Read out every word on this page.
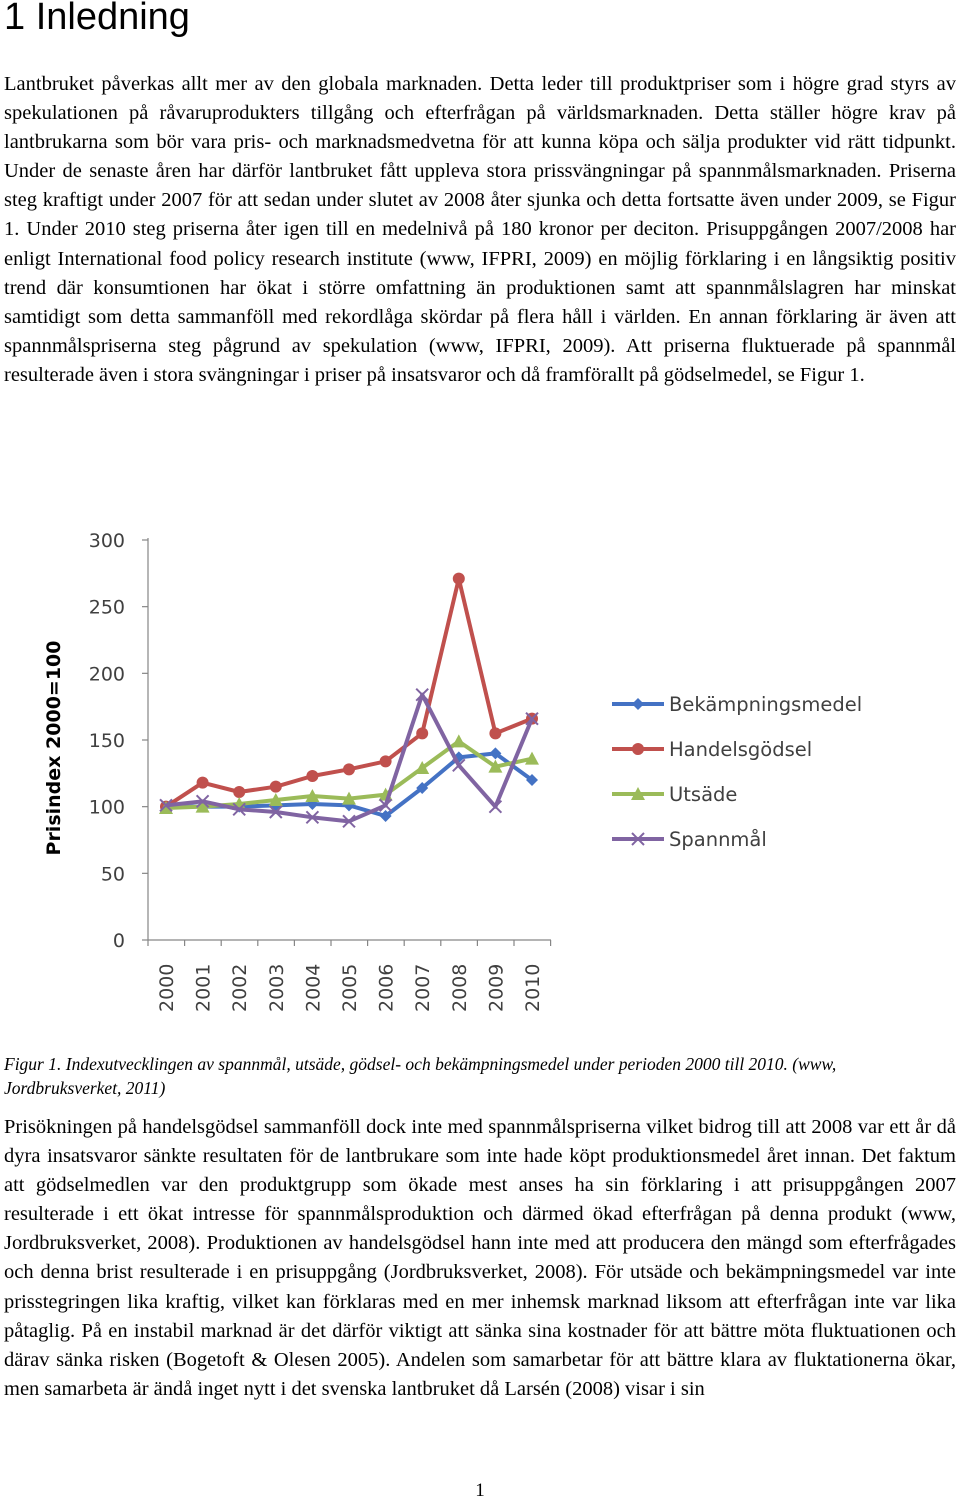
1 Inledning

Lantbruket påverkas allt mer av den globala marknaden. Detta leder till produktpriser som i högre grad styrs av spekulationen på råvaruprodukters tillgång och efterfrågan på världsmarknaden. Detta ställer högre krav på lantbrukarna som bör vara pris- och marknadsmedvetna för att kunna köpa och sälja produkter vid rätt tidpunkt. Under de senaste åren har därför lantbruket fått uppleva stora prissvängningar på spannmålsmarknaden. Priserna steg kraftigt under 2007 för att sedan under slutet av 2008 åter sjunka och detta fortsatte även under 2009, se Figur 1. Under 2010 steg priserna åter igen till en medelnivå på 180 kronor per deciton. Prisuppgången 2007/2008 har enligt International food policy research institute (www, IFPRI, 2009) en möjlig förklaring i en långsiktig positiv trend där konsumtionen har ökat i större omfattning än produktionen samt att spannmålslagren har minskat samtidigt som detta sammanföll med rekordlåga skördar på flera håll i världen. En annan förklaring är även att spannmålspriserna steg pågrund av spekulation (www, IFPRI, 2009). Att priserna fluktuerade på spannmål resulterade även i stora svängningar i priser på insatsvaror och då framförallt på gödselmedel, se Figur 1.

0
50
100
150
200
250
300
2000 2001 2002 2003 2004 2005 2006 2007 2008 2009 2010
Prisindex 2000=100	Bekämpningsmedel
Handelsgödsel
Utsäde
Spannmål

Figur 1. Indexutvecklingen av spannmål, utsäde, gödsel- och bekämpningsmedel under perioden 2000 till 2010. (www, Jordbruksverket, 2011)

Prisökningen på handelsgödsel sammanföll dock inte med spannmålspriserna vilket bidrog till att 2008 var ett år då dyra insatsvaror sänkte resultaten för de lantbrukare som inte hade köpt produktionsmedel året innan. Det faktum att gödselmedlen var den produktgrupp som ökade mest anses ha sin förklaring i att prisuppgången 2007 resulterade i ett ökat intresse för spannmålsproduktion och därmed ökad efterfrågan på denna produkt (www, Jordbruksverket, 2008). Produktionen av handelsgödsel hann inte med att producera den mängd som efterfrågades och denna brist resulterade i en prisuppgång (Jordbruksverket, 2008). För utsäde och bekämpningsmedel var inte prisstegringen lika kraftig, vilket kan förklaras med en mer inhemsk marknad liksom att efterfrågan inte var lika påtaglig. På en instabil marknad är det därför viktigt att sänka sina kostnader för att bättre möta fluktuationen och därav sänka risken (Bogetoft & Olesen 2005). Andelen som samarbetar för att bättre klara av fluktationerna ökar, men samarbeta är ändå inget nytt i det svenska lantbruket då Larsén (2008) visar i sin

1
